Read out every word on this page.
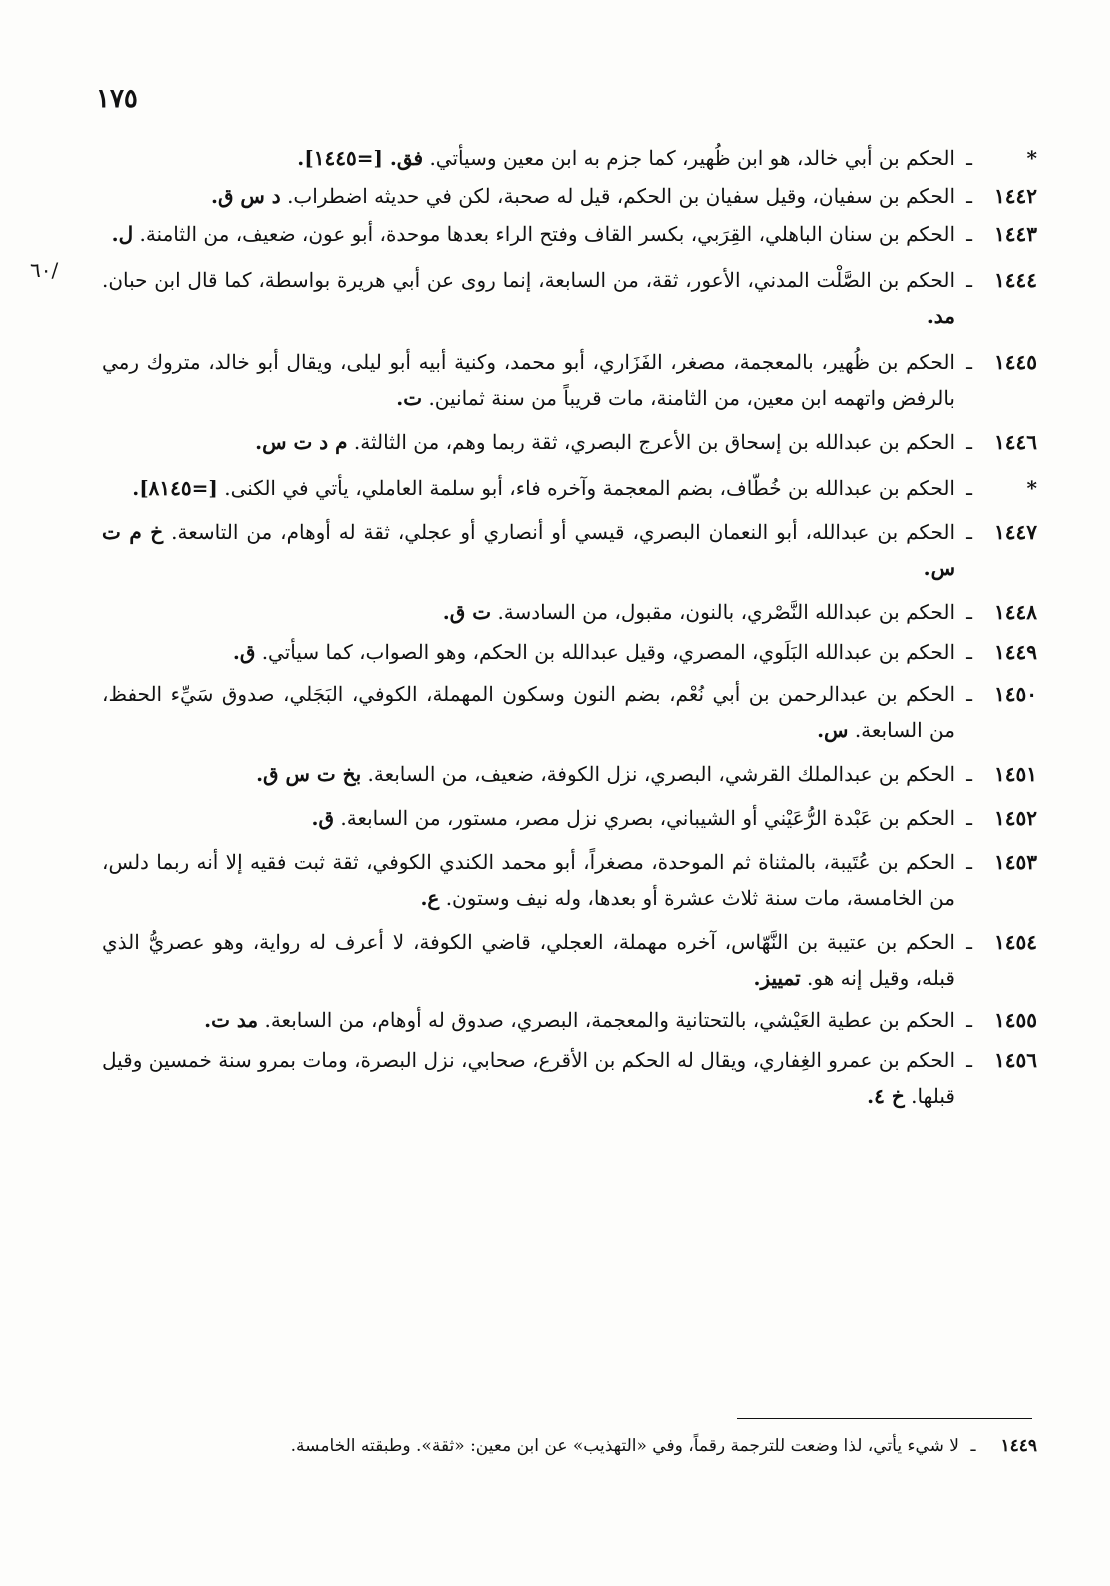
١٧٥
٦٠/
*
ـ
الحكم بن أبي خالد، هو ابن ظُهير، كما جزم به ابن معين وسيأتي. فق. [=١٤٤٥].
١٤٤٢
ـ
الحكم بن سفيان، وقيل سفيان بن الحكم، قيل له صحبة، لكن في حديثه اضطراب. د س ق.
١٤٤٣
ـ
الحكم بن سنان الباهلي، القِرَبي، بكسر القاف وفتح الراء بعدها موحدة، أبو عون، ضعيف، من الثامنة. ل.
١٤٤٤
ـ
الحكم بن الصَّلْت المدني، الأعور، ثقة، من السابعة، إنما روى عن أبي هريرة بواسطة، كما قال ابن حبان. مد.
١٤٤٥
ـ
الحكم بن ظُهير، بالمعجمة، مصغر، الفَزَاري، أبو محمد، وكنية أبيه أبو ليلى، ويقال أبو خالد، متروك رمي بالرفض واتهمه ابن معين، من الثامنة، مات قريباً من سنة ثمانين. ت.
١٤٤٦
ـ
الحكم بن عبدالله بن إسحاق بن الأعرج البصري، ثقة ربما وهم، من الثالثة. م د ت س.
*
ـ
الحكم بن عبدالله بن خُطّاف، بضم المعجمة وآخره فاء، أبو سلمة العاملي، يأتي في الكنى. [=٨١٤٥].
١٤٤٧
ـ
الحكم بن عبدالله، أبو النعمان البصري، قيسي أو أنصاري أو عجلي، ثقة له أوهام، من التاسعة. خ م ت س.
١٤٤٨
ـ
الحكم بن عبدالله النَّصْري، بالنون، مقبول، من السادسة. ت ق.
١٤٤٩
ـ
الحكم بن عبدالله البَلَوي، المصري، وقيل عبدالله بن الحكم، وهو الصواب، كما سيأتي. ق.
١٤٥٠
ـ
الحكم بن عبدالرحمن بن أبي نُعْم، بضم النون وسكون المهملة، الكوفي، البَجَلي، صدوق سَيِّء الحفظ، من السابعة. س.
١٤٥١
ـ
الحكم بن عبدالملك القرشي، البصري، نزل الكوفة، ضعيف، من السابعة. بخ ت س ق.
١٤٥٢
ـ
الحكم بن عَبْدة الرُّعَيْني أو الشيباني، بصري نزل مصر، مستور، من السابعة. ق.
١٤٥٣
ـ
الحكم بن عُتَيبة، بالمثناة ثم الموحدة، مصغراً، أبو محمد الكندي الكوفي، ثقة ثبت فقيه إلا أنه ربما دلس، من الخامسة، مات سنة ثلاث عشرة أو بعدها، وله نيف وستون. ع.
١٤٥٤
ـ
الحكم بن عتيبة بن النَّهّاس، آخره مهملة، العجلي، قاضي الكوفة، لا أعرف له رواية، وهو عصريُّ الذي قبله، وقيل إنه هو. تمييز.
١٤٥٥
ـ
الحكم بن عطية العَيْشي، بالتحتانية والمعجمة، البصري، صدوق له أوهام، من السابعة. مد ت.
١٤٥٦
ـ
الحكم بن عمرو الغِفاري، ويقال له الحكم بن الأقرع، صحابي، نزل البصرة، ومات بمرو سنة خمسين وقيل قبلها. خ ٤.
١٤٤٩
ـ
لا شيء يأتي، لذا وضعت للترجمة رقماً، وفي «التهذيب» عن ابن معين: «ثقة». وطبقته الخامسة.
